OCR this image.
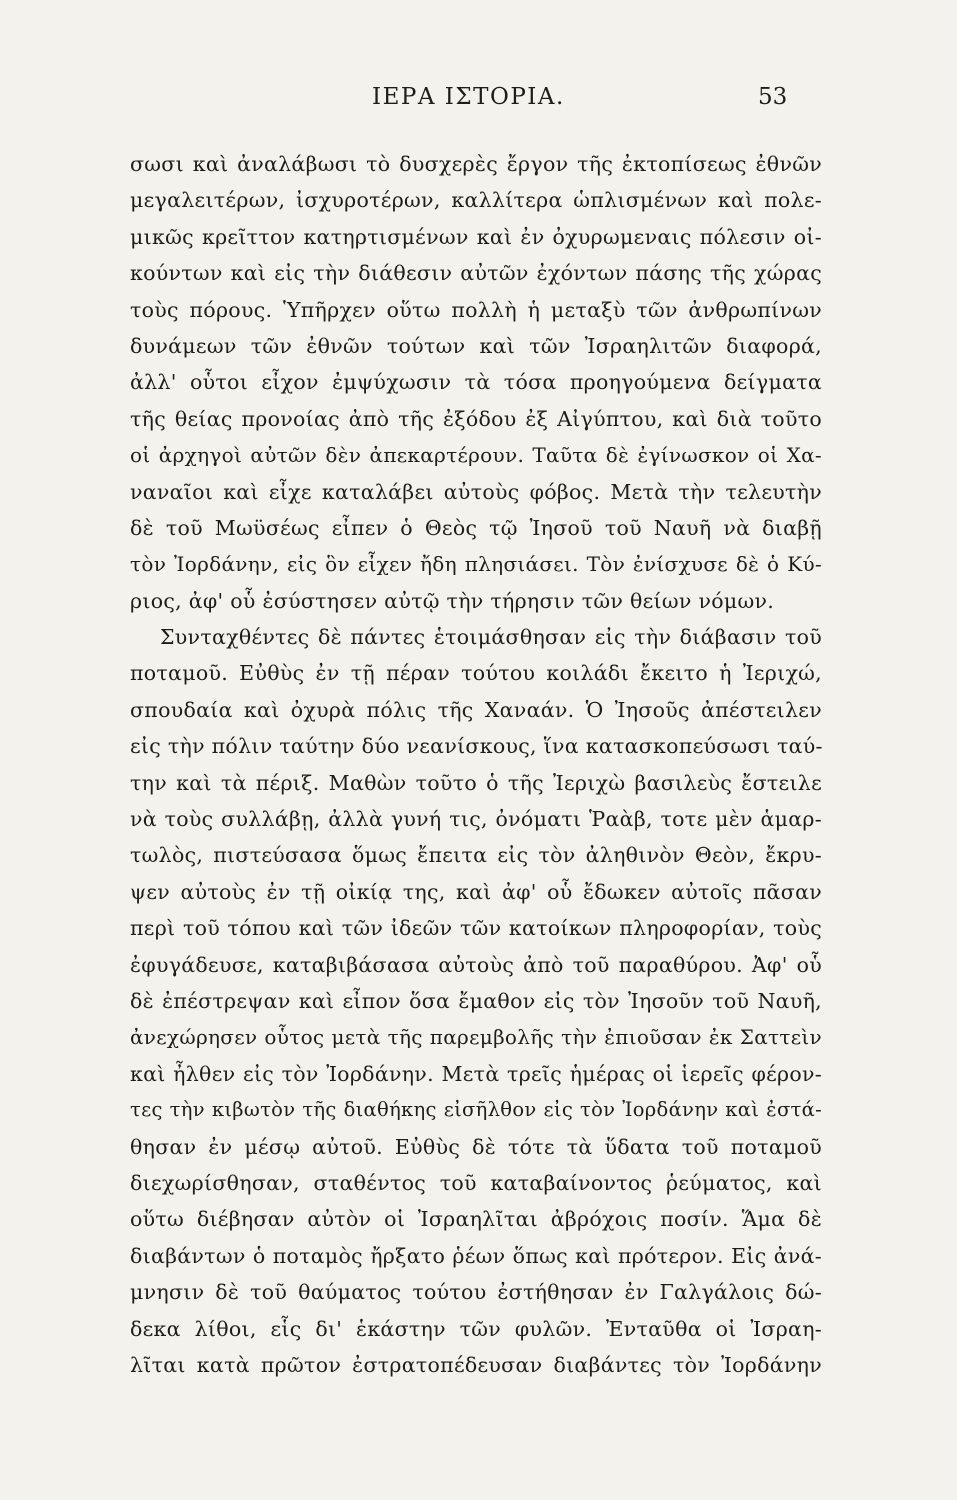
ΙΕΡΑ ΙΣΤΟΡΙΑ.	53
σωσι καὶ ἀναλάβωσι τὸ δυσχερὲς ἔργον τῆς ἐκτοπίσεως ἐθνῶν
μεγαλειτέρων, ἰσχυροτέρων, καλλίτερα ὡπλισμένων καὶ πολε-
μικῶς κρεῖττον κατηρτισμένων καὶ ἐν ὀχυρωμεναις πόλεσιν οἰ-
κούντων καὶ εἰς τὴν διάθεσιν αὐτῶν ἐχόντων πάσης τῆς χώρας
τοὺς πόρους. Ὑπῆρχεν οὕτω πολλὴ ἡ μεταξὺ τῶν ἀνθρωπίνων
δυνάμεων τῶν ἐθνῶν τούτων καὶ τῶν Ἰσραηλιτῶν διαφορά,
ἀλλ' οὗτοι εἶχον ἐμψύχωσιν τὰ τόσα προηγούμενα δείγματα
τῆς θείας προνοίας ἀπὸ τῆς ἐξόδου ἐξ Αἰγύπτου, καὶ διὰ τοῦτο
οἱ ἀρχηγοὶ αὐτῶν δὲν ἀπεκαρτέρουν. Ταῦτα δὲ ἐγίνωσκον οἱ Χα-
ναναῖοι καὶ εἶχε καταλάβει αὐτοὺς φόβος. Μετὰ τὴν τελευτὴν
δὲ τοῦ Μωϋσέως εἶπεν ὁ Θεὸς τῷ Ἰησοῦ τοῦ Ναυῆ νὰ διαβῇ
τὸν Ἰορδάνην, εἰς ὃν εἶχεν ἤδη πλησιάσει. Τὸν ἐνίσχυσε δὲ ὁ Κύ-
ριος, ἀφ' οὗ ἐσύστησεν αὐτῷ τὴν τήρησιν τῶν θείων νόμων.
Συνταχθέντες δὲ πάντες ἑτοιμάσθησαν εἰς τὴν διάβασιν τοῦ
ποταμοῦ. Εὐθὺς ἐν τῇ πέραν τούτου κοιλάδι ἔκειτο ἡ Ἰεριχώ,
σπουδαία καὶ ὀχυρὰ πόλις τῆς Χαναάν. Ὁ Ἰησοῦς ἀπέστειλεν
εἰς τὴν πόλιν ταύτην δύο νεανίσκους, ἵνα κατασκοπεύσωσι ταύ-
την καὶ τὰ πέριξ. Μαθὼν τοῦτο ὁ τῆς Ἰεριχὼ βασιλεὺς ἔστειλε
νὰ τοὺς συλλάβῃ, ἀλλὰ γυνή τις, ὀνόματι Ῥαὰβ, τοτε μὲν ἁμαρ-
τωλὸς, πιστεύσασα ὅμως ἔπειτα εἰς τὸν ἀληθινὸν Θεὸν, ἔκρυ-
ψεν αὐτοὺς ἐν τῇ οἰκίᾳ της, καὶ ἀφ' οὗ ἔδωκεν αὐτοῖς πᾶσαν
περὶ τοῦ τόπου καὶ τῶν ἰδεῶν τῶν κατοίκων πληροφορίαν, τοὺς
ἐφυγάδευσε, καταβιβάσασα αὐτοὺς ἀπὸ τοῦ παραθύρου. Ἀφ' οὗ
δὲ ἐπέστρεψαν καὶ εἶπον ὅσα ἔμαθον εἰς τὸν Ἰησοῦν τοῦ Ναυῆ,
ἀνεχώρησεν οὗτος μετὰ τῆς παρεμβολῆς τὴν ἐπιοῦσαν ἐκ Σαττεὶν
καὶ ἦλθεν εἰς τὸν Ἰορδάνην. Μετὰ τρεῖς ἡμέρας οἱ ἱερεῖς φέρον-
τες τὴν κιβωτὸν τῆς διαθήκης εἰσῆλθον εἰς τὸν Ἰορδάνην καὶ ἐστά-
θησαν ἐν μέσῳ αὐτοῦ. Εὐθὺς δὲ τότε τὰ ὕδατα τοῦ ποταμοῦ
διεχωρίσθησαν, σταθέντος τοῦ καταβαίνοντος ῥεύματος, καὶ
οὕτω διέβησαν αὐτὸν οἱ Ἰσραηλῖται ἀβρόχοις ποσίν. Ἅμα δὲ
διαβάντων ὁ ποταμὸς ἤρξατο ῥέων ὅπως καὶ πρότερον. Εἰς ἀνά-
μνησιν δὲ τοῦ θαύματος τούτου ἐστήθησαν ἐν Γαλγάλοις δώ-
δεκα λίθοι, εἷς δι' ἑκάστην τῶν φυλῶν. Ἐνταῦθα οἱ Ἰσραη-
λῖται κατὰ πρῶτον ἐστρατοπέδευσαν διαβάντες τὸν Ἰορδάνην
